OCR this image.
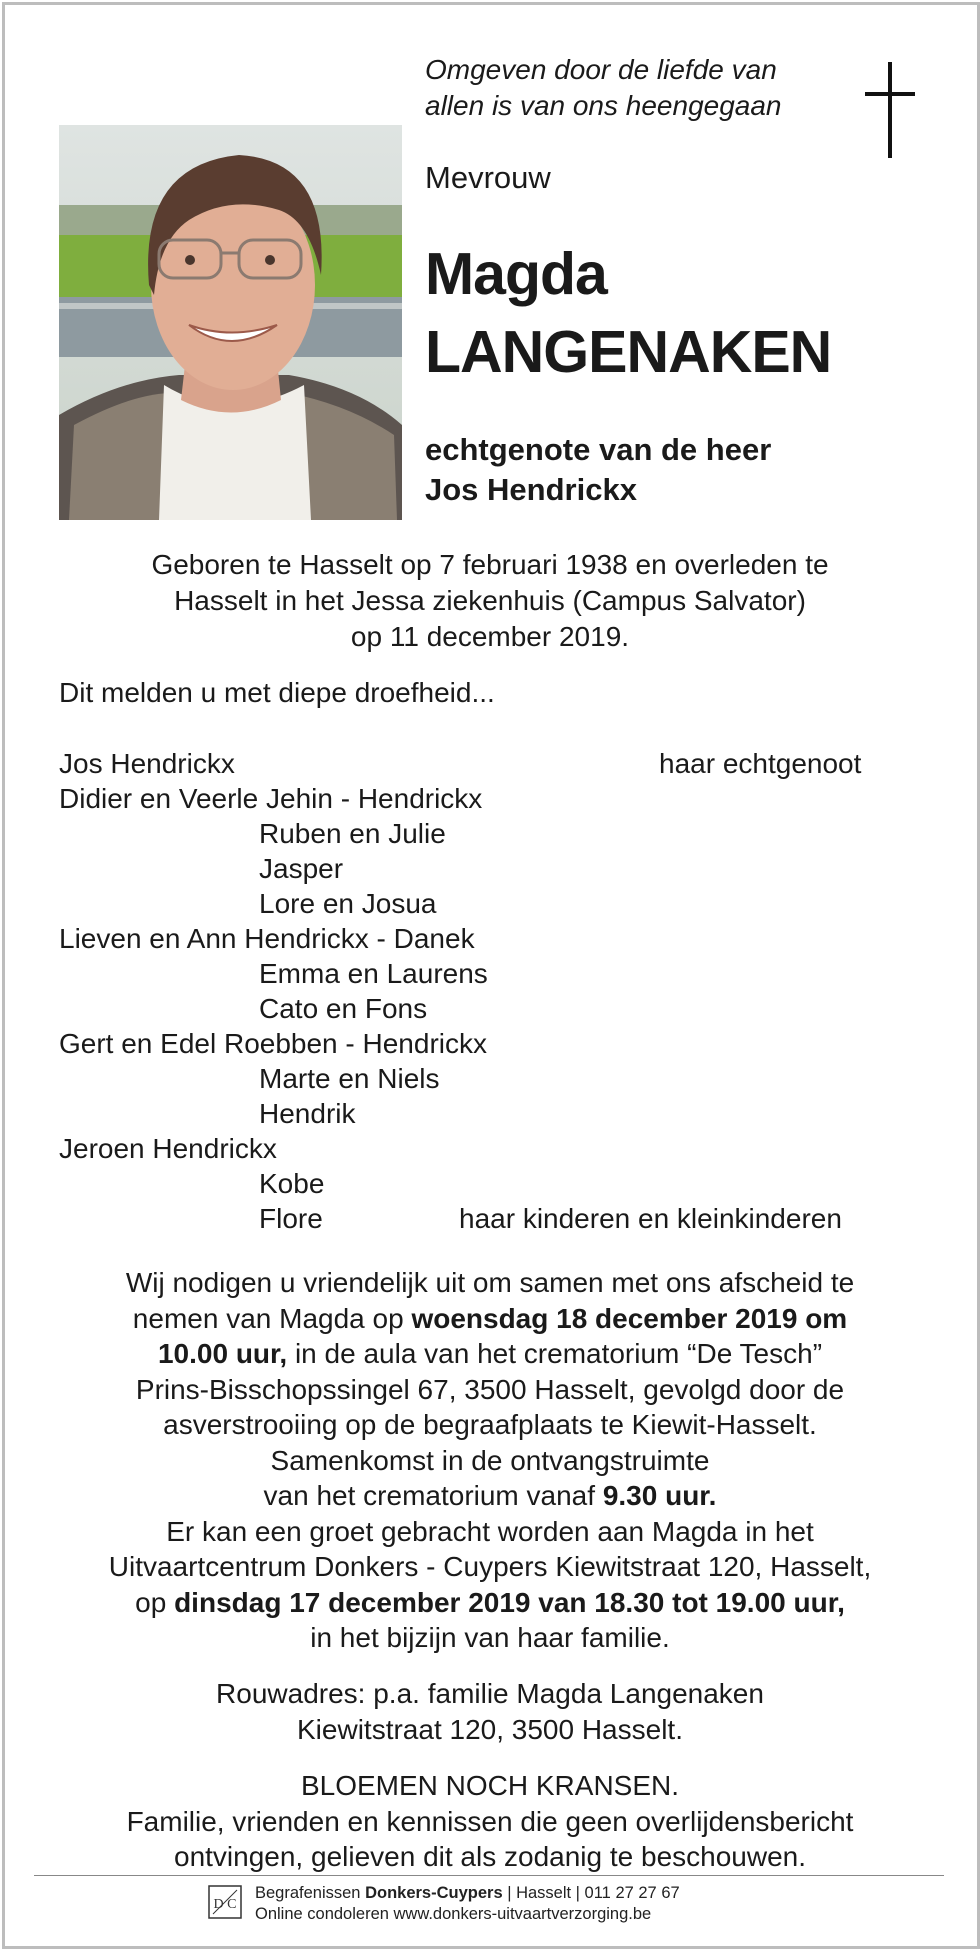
Omgeven door de liefde van
allen is van ons heengegaan
Mevrouw
Magda
LANGENAKEN
echtgenote van de heer
Jos Hendrickx
Geboren te Hasselt op 7 februari 1938 en overleden te
Hasselt in het Jessa ziekenhuis (Campus Salvator)
op 11 december 2019.
Dit melden u met diepe droefheid...
Jos Hendrickx	haar echtgenoot
Didier en Veerle Jehin - Hendrickx
Ruben en Julie
Jasper
Lore en Josua
Lieven en Ann Hendrickx - Danek
Emma en Laurens
Cato en Fons
Gert en Edel Roebben - Hendrickx
Marte en Niels
Hendrik
Jeroen Hendrickx
Kobe
Flore	haar kinderen en kleinkinderen
Wij nodigen u vriendelijk uit om samen met ons afscheid te
nemen van Magda op woensdag 18 december 2019 om
10.00 uur, in de aula van het crematorium “De Tesch”
Prins-Bisschopssingel 67, 3500 Hasselt, gevolgd door de
asverstrooiing op de begraafplaats te Kiewit-Hasselt.
Samenkomst in de ontvangstruimte
van het crematorium vanaf 9.30 uur.
Er kan een groet gebracht worden aan Magda in het
Uitvaartcentrum Donkers - Cuypers Kiewitstraat 120, Hasselt,
op dinsdag 17 december 2019 van 18.30 tot 19.00 uur,
in het bijzijn van haar familie.
Rouwadres: p.a. familie Magda Langenaken
Kiewitstraat 120, 3500 Hasselt.
BLOEMEN NOCH KRANSEN.
Familie, vrienden en kennissen die geen overlijdensbericht
ontvingen, gelieven dit als zodanig te beschouwen.
D C
Begrafenissen Donkers-Cuypers | Hasselt | 011 27 27 67
Online condoleren www.donkers-uitvaartverzorging.be
